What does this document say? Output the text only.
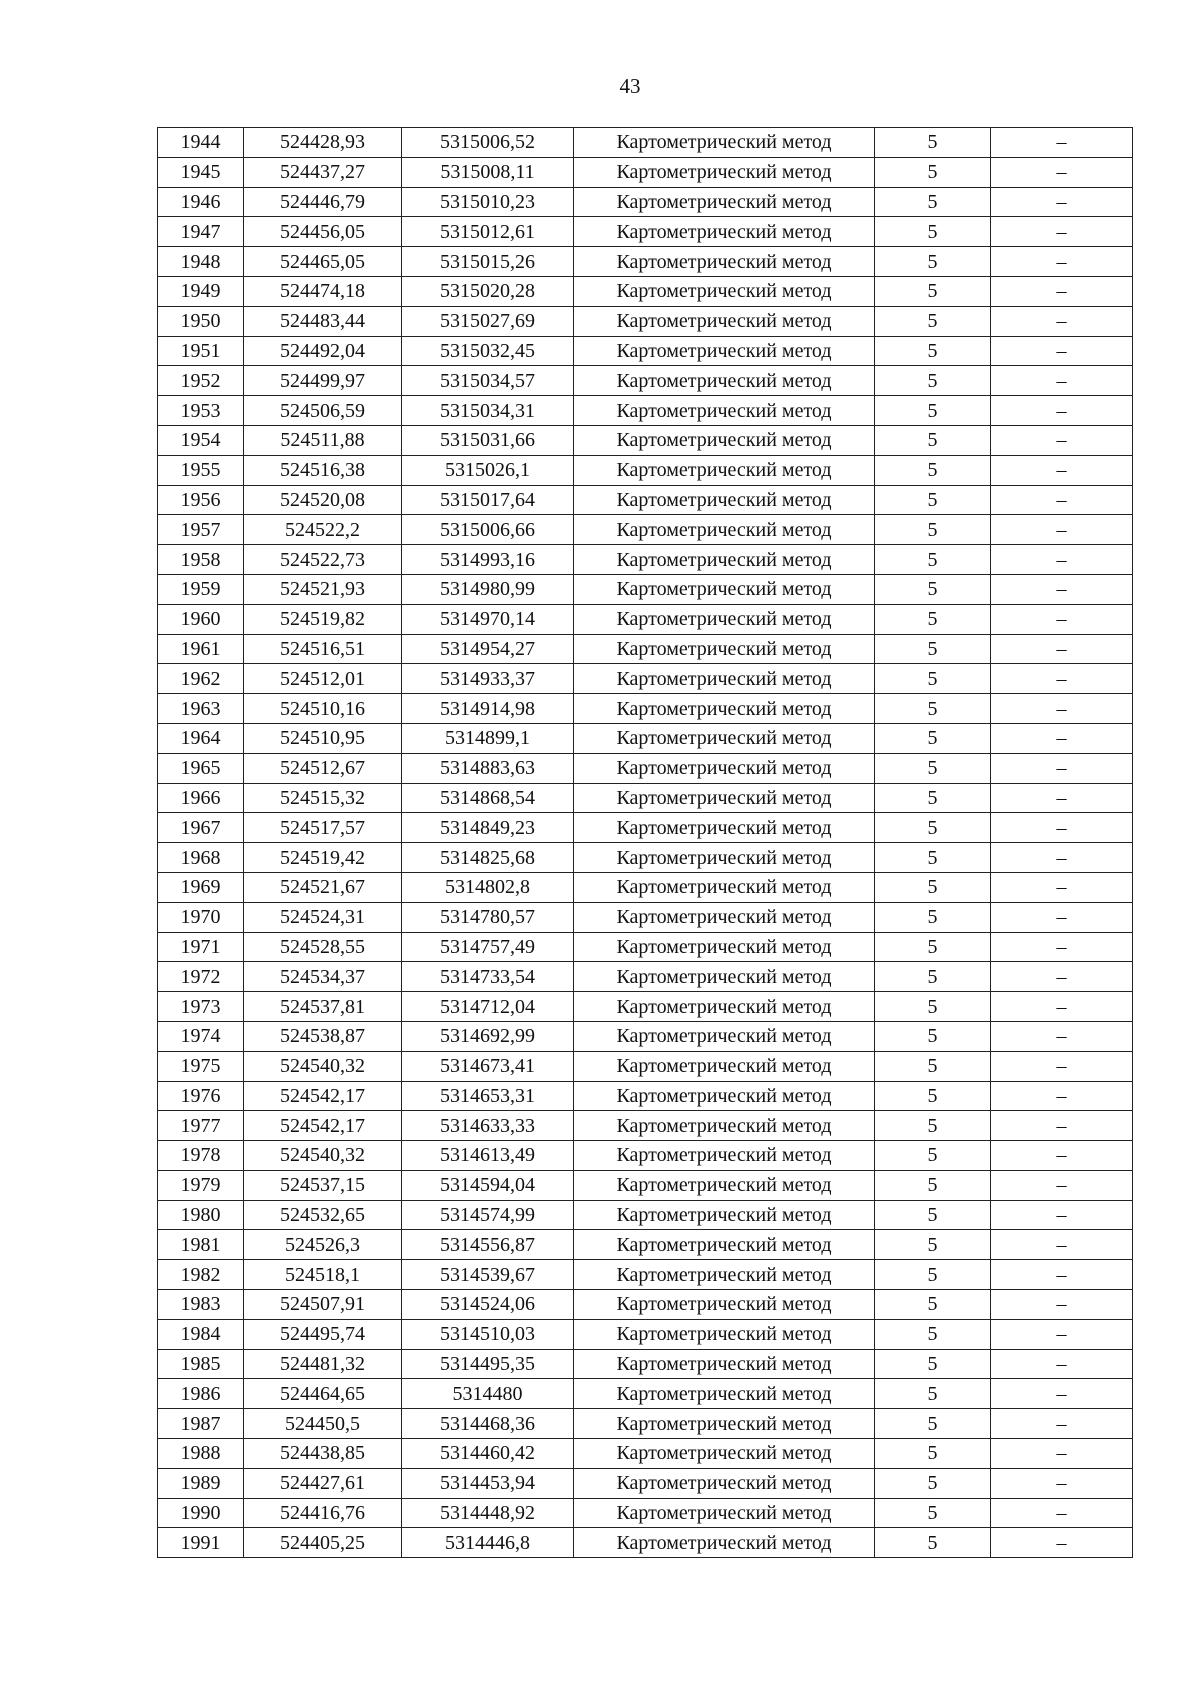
43
1944	524428,93	5315006,52	Картометрический метод	5	–
1945	524437,27	5315008,11	Картометрический метод	5	–
1946	524446,79	5315010,23	Картометрический метод	5	–
1947	524456,05	5315012,61	Картометрический метод	5	–
1948	524465,05	5315015,26	Картометрический метод	5	–
1949	524474,18	5315020,28	Картометрический метод	5	–
1950	524483,44	5315027,69	Картометрический метод	5	–
1951	524492,04	5315032,45	Картометрический метод	5	–
1952	524499,97	5315034,57	Картометрический метод	5	–
1953	524506,59	5315034,31	Картометрический метод	5	–
1954	524511,88	5315031,66	Картометрический метод	5	–
1955	524516,38	5315026,1	Картометрический метод	5	–
1956	524520,08	5315017,64	Картометрический метод	5	–
1957	524522,2	5315006,66	Картометрический метод	5	–
1958	524522,73	5314993,16	Картометрический метод	5	–
1959	524521,93	5314980,99	Картометрический метод	5	–
1960	524519,82	5314970,14	Картометрический метод	5	–
1961	524516,51	5314954,27	Картометрический метод	5	–
1962	524512,01	5314933,37	Картометрический метод	5	–
1963	524510,16	5314914,98	Картометрический метод	5	–
1964	524510,95	5314899,1	Картометрический метод	5	–
1965	524512,67	5314883,63	Картометрический метод	5	–
1966	524515,32	5314868,54	Картометрический метод	5	–
1967	524517,57	5314849,23	Картометрический метод	5	–
1968	524519,42	5314825,68	Картометрический метод	5	–
1969	524521,67	5314802,8	Картометрический метод	5	–
1970	524524,31	5314780,57	Картометрический метод	5	–
1971	524528,55	5314757,49	Картометрический метод	5	–
1972	524534,37	5314733,54	Картометрический метод	5	–
1973	524537,81	5314712,04	Картометрический метод	5	–
1974	524538,87	5314692,99	Картометрический метод	5	–
1975	524540,32	5314673,41	Картометрический метод	5	–
1976	524542,17	5314653,31	Картометрический метод	5	–
1977	524542,17	5314633,33	Картометрический метод	5	–
1978	524540,32	5314613,49	Картометрический метод	5	–
1979	524537,15	5314594,04	Картометрический метод	5	–
1980	524532,65	5314574,99	Картометрический метод	5	–
1981	524526,3	5314556,87	Картометрический метод	5	–
1982	524518,1	5314539,67	Картометрический метод	5	–
1983	524507,91	5314524,06	Картометрический метод	5	–
1984	524495,74	5314510,03	Картометрический метод	5	–
1985	524481,32	5314495,35	Картометрический метод	5	–
1986	524464,65	5314480	Картометрический метод	5	–
1987	524450,5	5314468,36	Картометрический метод	5	–
1988	524438,85	5314460,42	Картометрический метод	5	–
1989	524427,61	5314453,94	Картометрический метод	5	–
1990	524416,76	5314448,92	Картометрический метод	5	–
1991	524405,25	5314446,8	Картометрический метод	5	–
